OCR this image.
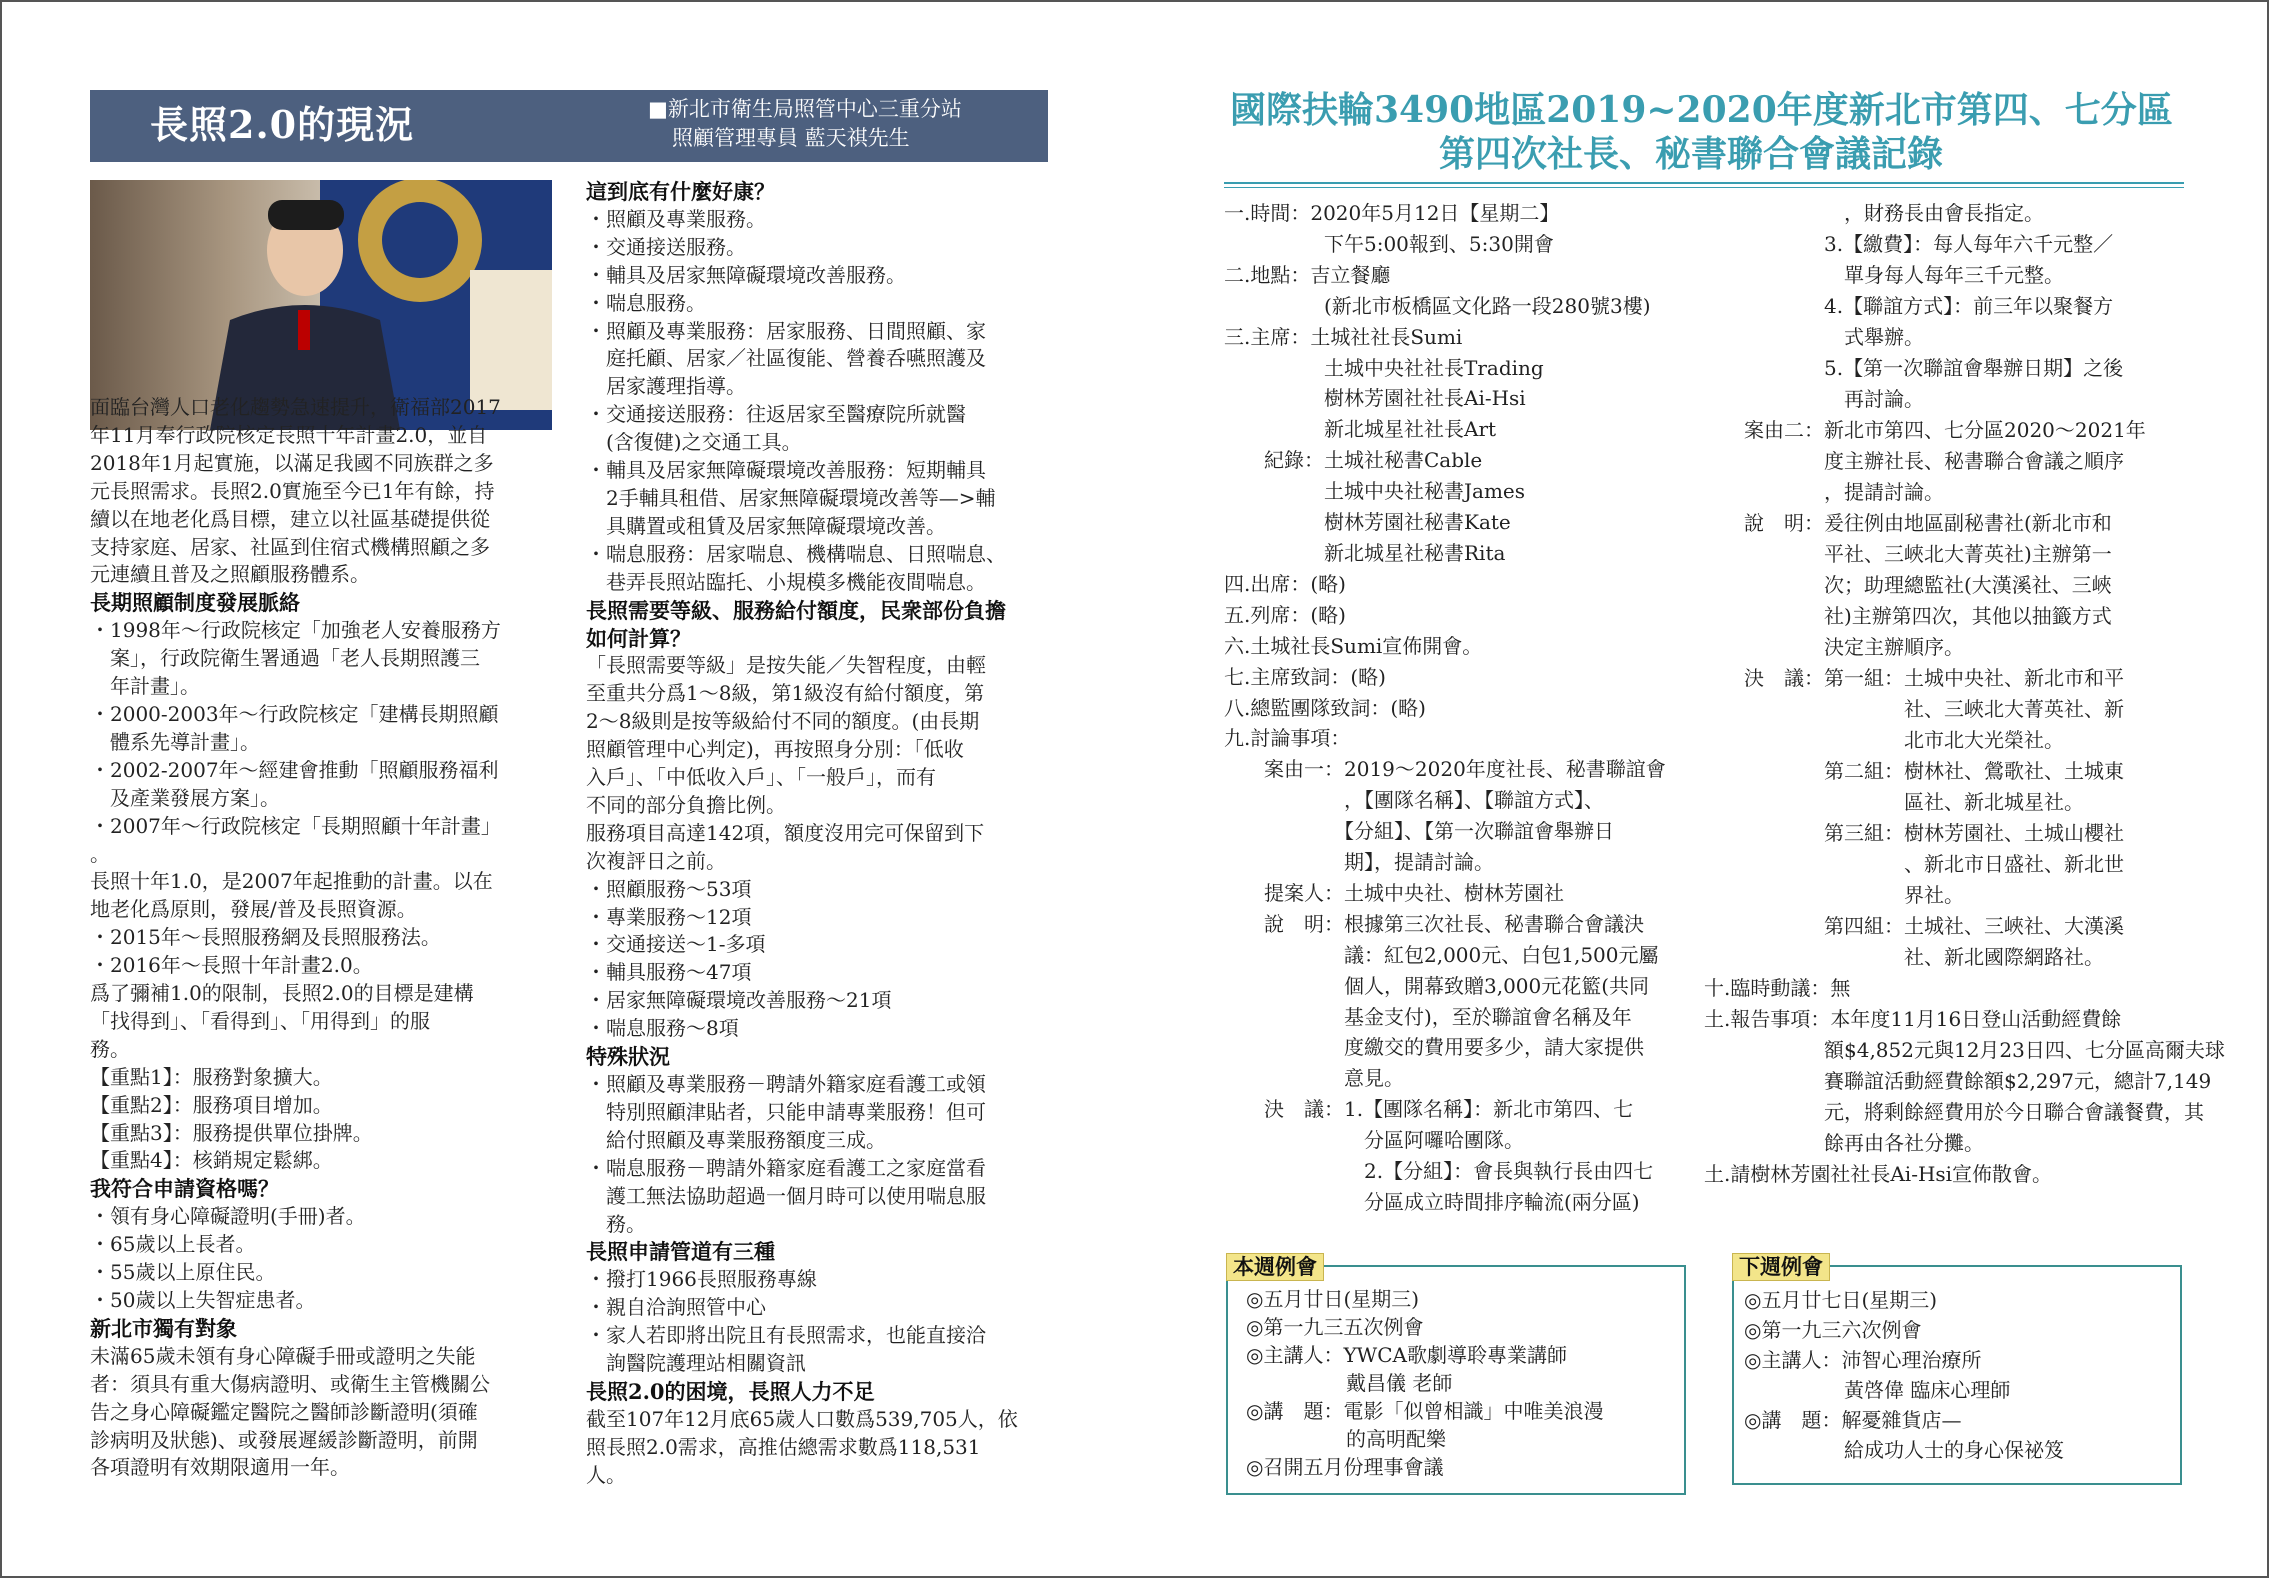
長照2.0的現況	■新北市衛生局照管中心三重分站
照顧管理專員 藍天祺先生
面臨台灣人口老化趨勢急速提升，衛福部2017
年11月奉行政院核定長照十年計畫2.0，並自
2018年1月起實施，以滿足我國不同族群之多
元長照需求。長照2.0實施至今已1年有餘，持
續以在地老化爲目標，建立以社區基礎提供從
支持家庭、居家、社區到住宿式機構照顧之多
元連續且普及之照顧服務體系。
長期照顧制度發展脈絡
・1998年～行政院核定「加強老人安養服務方
　案」，行政院衛生署通過「老人長期照護三
　年計畫」。
・2000-2003年～行政院核定「建構長期照顧
　體系先導計畫」。
・2002-2007年～經建會推動「照顧服務福利
　及產業發展方案」。
・2007年～行政院核定「長期照顧十年計畫」
。
長照十年1.0，是2007年起推動的計畫。以在
地老化爲原則，發展/普及長照資源。
・2015年～長照服務網及長照服務法。
・2016年～長照十年計畫2.0。
爲了彌補1.0的限制，長照2.0的目標是建構
「找得到」、「看得到」、「用得到」的服
務。
【重點1】：服務對象擴大。
【重點2】：服務項目增加。
【重點3】：服務提供單位掛牌。
【重點4】：核銷規定鬆綁。
我符合申請資格嗎？
・領有身心障礙證明(手冊)者。
・65歲以上長者。
・55歲以上原住民。
・50歲以上失智症患者。
新北市獨有對象
未滿65歲未領有身心障礙手冊或證明之失能
者：須具有重大傷病證明、或衛生主管機關公
告之身心障礙鑑定醫院之醫師診斷證明(須確
診病明及狀態)、或發展遲緩診斷證明，前開
各項證明有效期限適用一年。
這到底有什麼好康？
・照顧及專業服務。
・交通接送服務。
・輔具及居家無障礙環境改善服務。
・喘息服務。
・照顧及專業服務：居家服務、日間照顧、家
　庭托顧、居家／社區復能、營養呑嚥照護及
　居家護理指導。
・交通接送服務：往返居家至醫療院所就醫
　(含復健)之交通工具。
・輔具及居家無障礙環境改善服務：短期輔具
　2手輔具租借、居家無障礙環境改善等—>輔
　具購置或租賃及居家無障礙環境改善。
・喘息服務：居家喘息、機構喘息、日照喘息、
　巷弄長照站臨托、小規模多機能夜間喘息。
長照需要等級、服務給付額度，民衆部份負擔
如何計算？
「長照需要等級」是按失能／失智程度，由輕
至重共分爲1～8級，第1級沒有給付額度，第
2～8級則是按等級給付不同的額度。(由長期
照顧管理中心判定)，再按照身分別：「低收
入戶」、「中低收入戶」、「一般戶」，而有
不同的部分負擔比例。
服務項目高達142項，額度沒用完可保留到下
次複評日之前。
・照顧服務～53項
・專業服務～12項
・交通接送～1-多項
・輔具服務～47項
・居家無障礙環境改善服務～21項
・喘息服務～8項
特殊狀況
・照顧及專業服務－聘請外籍家庭看護工或領
　特別照顧津貼者，只能申請專業服務！但可
　給付照顧及專業服務額度三成。
・喘息服務－聘請外籍家庭看護工之家庭當看
　護工無法協助超過一個月時可以使用喘息服
　務。
長照申請管道有三種
・撥打1966長照服務專線
・親自洽詢照管中心
・家人若即將出院且有長照需求，也能直接洽
　詢醫院護理站相關資訊
長照2.0的困境，長照人力不足
截至107年12月底65歲人口數爲539,705人，依
照長照2.0需求，高推估總需求數爲118,531
人。
國際扶輪3490地區2019~2020年度新北市第四、七分區
第四次社長、秘書聯合會議記錄
一.時間：2020年5月12日【星期二】
　　　　　下午5:00報到、5:30開會
二.地點：吉立餐廳
　　　　　(新北市板橋區文化路一段280號3樓)
三.主席：土城社社長Sumi
　　　　　土城中央社社長Trading
　　　　　樹林芳園社社長Ai-Hsi
　　　　　新北城星社社長Art
　　紀錄：土城社秘書Cable
　　　　　土城中央社秘書James
　　　　　樹林芳園社秘書Kate
　　　　　新北城星社秘書Rita
四.出席：(略)
五.列席：(略)
六.土城社長Sumi宣佈開會。
七.主席致詞：(略)
八.總監團隊致詞：(略)
九.討論事項：
　　案由一：2019～2020年度社長、秘書聯誼會
　　　　　　，【團隊名稱】、【聯誼方式】、
　　　　　　【分組】、【第一次聯誼會舉辦日
　　　　　　期】，提請討論。
　　提案人：土城中央社、樹林芳園社
　　說　明：根據第三次社長、秘書聯合會議決
　　　　　　議：紅包2,000元、白包1,500元屬
　　　　　　個人，開幕致贈3,000元花籃(共同
　　　　　　基金支付)，至於聯誼會名稱及年
　　　　　　度繳交的費用要多少，請大家提供
　　　　　　意見。
　　決　議：1.【團隊名稱】：新北市第四、七
　　　　　　　分區阿囉哈團隊。
　　　　　　　2.【分組】：會長與執行長由四七
　　　　　　　分區成立時間排序輪流(兩分區)
　　　　　　　，財務長由會長指定。
　　　　　　3.【繳費】：每人每年六千元整／
　　　　　　　單身每人每年三千元整。
　　　　　　4.【聯誼方式】：前三年以聚餐方
　　　　　　　式舉辦。
　　　　　　5.【第一次聯誼會舉辦日期】之後
　　　　　　　再討論。
　　案由二：新北市第四、七分區2020～2021年
　　　　　　度主辦社長、秘書聯合會議之順序
　　　　　　，提請討論。
　　說　明：爰往例由地區副秘書社(新北市和
　　　　　　平社、三峽北大菁英社)主辦第一
　　　　　　次；助理總監社(大漢溪社、三峽
　　　　　　社)主辦第四次，其他以抽籤方式
　　　　　　決定主辦順序。
　　決　議：第一組：土城中央社、新北市和平
　　　　　　　　　　社、三峽北大菁英社、新
　　　　　　　　　　北市北大光榮社。
　　　　　　第二組：樹林社、鶯歌社、土城東
　　　　　　　　　　區社、新北城星社。
　　　　　　第三組：樹林芳園社、土城山櫻社
　　　　　　　　　　、新北市日盛社、新北世
　　　　　　　　　　界社。
　　　　　　第四組：土城社、三峽社、大漢溪
　　　　　　　　　　社、新北國際網路社。
十.臨時動議：無
土.報告事項：本年度11月16日登山活動經費餘
　　　　　　額$4,852元與12月23日四、七分區高爾夫球
　　　　　　賽聯誼活動經費餘額$2,297元，總計7,149
　　　　　　元，將剩餘經費用於今日聯合會議餐費，其
　　　　　　餘再由各社分攤。
土.請樹林芳園社社長Ai-Hsi宣佈散會。
本週例會
◎五月廿日(星期三)
◎第一九三五次例會
◎主講人：YWCA歌劇導聆專業講師
　　　　　戴昌儀 老師
◎講　題：電影「似曾相識」中唯美浪漫
　　　　　的高明配樂
◎召開五月份理事會議
下週例會
◎五月廿七日(星期三)
◎第一九三六次例會
◎主講人：沛智心理治療所
　　　　　黃啓偉 臨床心理師
◎講　題：解憂雜貨店—
　　　　　給成功人士的身心保祕笈
